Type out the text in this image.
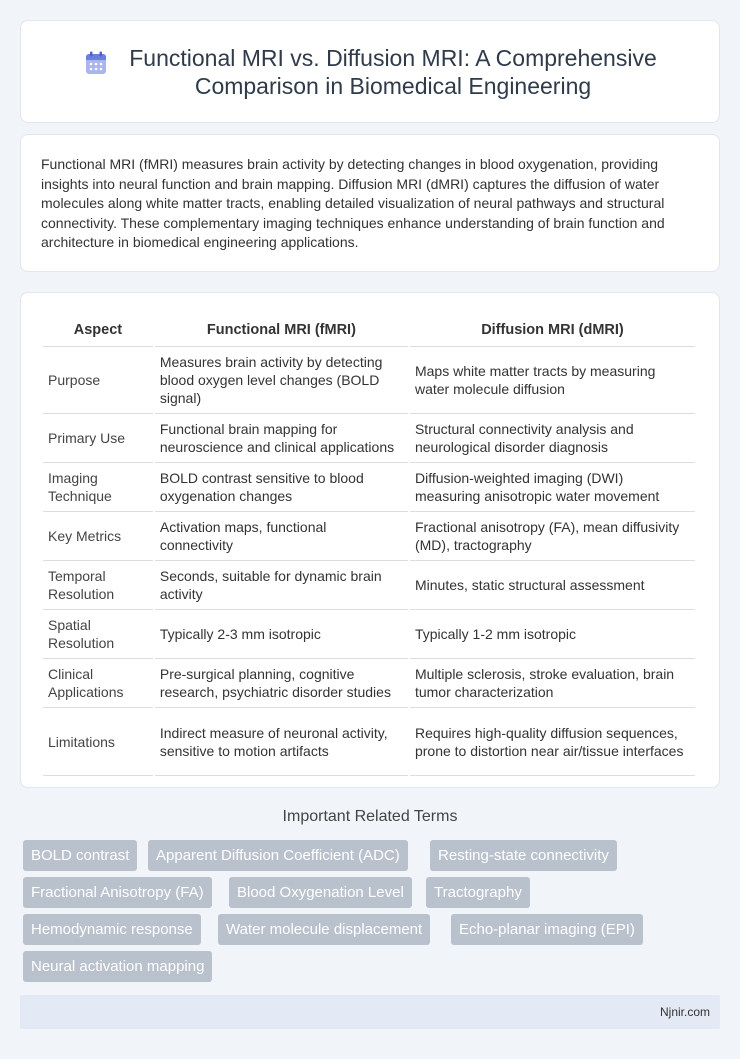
Functional MRI vs. Diffusion MRI: A Comprehensive
Comparison in Biomedical Engineering

Functional MRI (fMRI) measures brain activity by detecting changes in blood oxygenation, providing insights into neural function and brain mapping. Diffusion MRI (dMRI) captures the diffusion of water molecules along white matter tracts, enabling detailed visualization of neural pathways and structural connectivity. These complementary imaging techniques enhance understanding of brain function and architecture in biomedical engineering applications.

Aspect	Functional MRI (fMRI)	Diffusion MRI (dMRI)
Purpose	Measures brain activity by detecting blood oxygen level changes (BOLD signal)	Maps white matter tracts by measuring water molecule diffusion
Primary Use	Functional brain mapping for neuroscience and clinical applications	Structural connectivity analysis and neurological disorder diagnosis
Imaging Technique	BOLD contrast sensitive to blood oxygenation changes	Diffusion-weighted imaging (DWI) measuring anisotropic water movement
Key Metrics	Activation maps, functional connectivity	Fractional anisotropy (FA), mean diffusivity (MD), tractography
Temporal Resolution	Seconds, suitable for dynamic brain activity	Minutes, static structural assessment
Spatial Resolution	Typically 2-3 mm isotropic	Typically 1-2 mm isotropic
Clinical Applications	Pre-surgical planning, cognitive research, psychiatric disorder studies	Multiple sclerosis, stroke evaluation, brain tumor characterization
Limitations	Indirect measure of neuronal activity, sensitive to motion artifacts	Requires high-quality diffusion sequences, prone to distortion near air/tissue interfaces
Important Related Terms
BOLD contrast	Apparent Diffusion Coefficient (ADC)	Resting-state connectivity
Fractional Anisotropy (FA)	Blood Oxygenation Level	Tractography
Hemodynamic response	Water molecule displacement	Echo-planar imaging (EPI)
Neural activation mapping
Njnir.com
